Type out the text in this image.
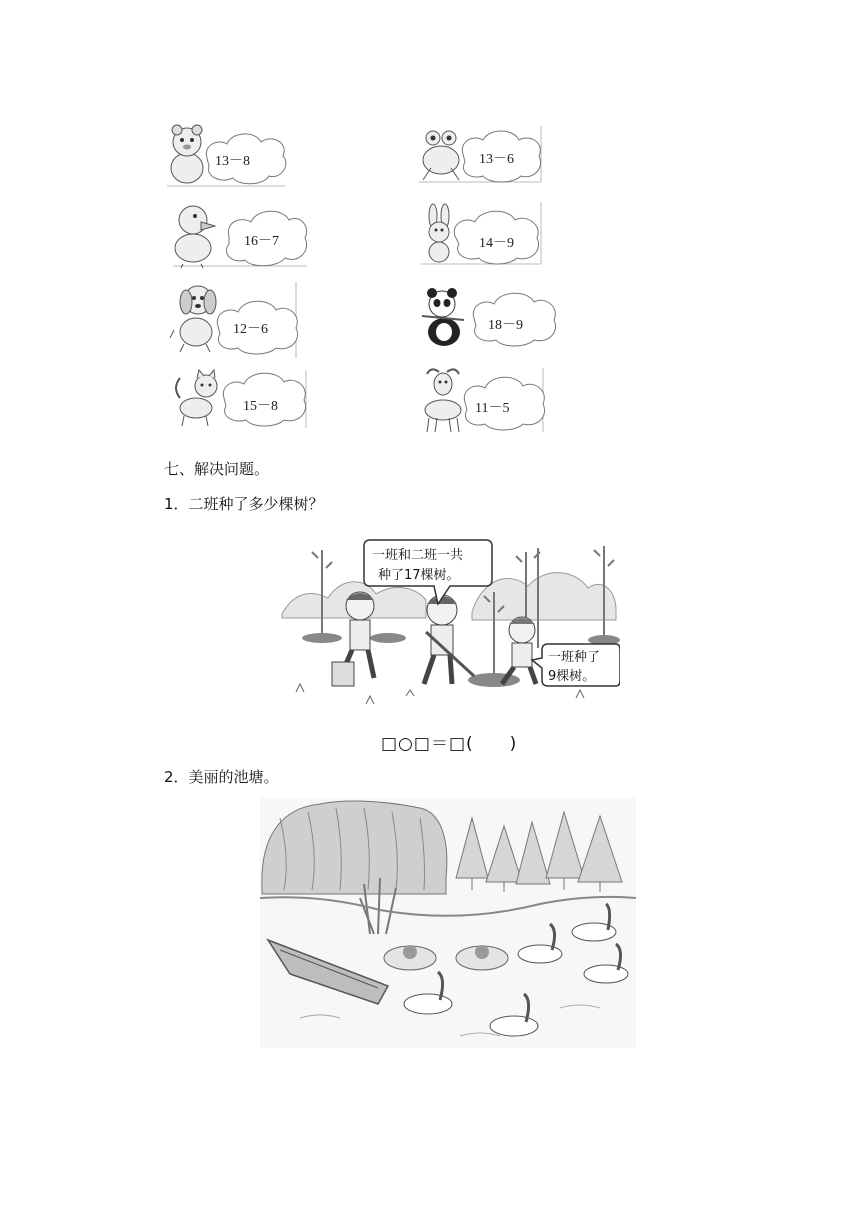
13－8	13－6
16－7	14－9
12－6	18－9
15－8	11－5
七、解决问题。
1．二班种了多少棵树？
一班和二班一共
种了17棵树。
一班种了
9棵树。
□○□＝□(　　)
2．美丽的池塘。
